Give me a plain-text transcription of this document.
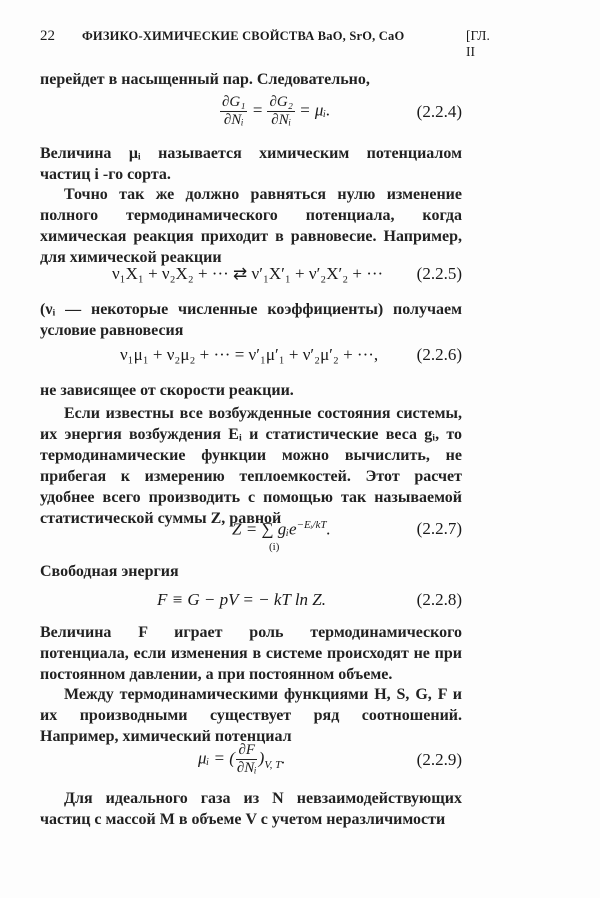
22 ФИЗИКО-ХИМИЧЕСКИЕ СВОЙСТВА BaO, SrO, CaO	[ГЛ. II
перейдет в насыщенный пар. Следовательно,
$\frac{\text{∂G₁}}{\text{∂Nᵢ}} = \frac{\text{∂G₂}}{\text{∂Nᵢ}}$ = μᵢ.	(2.2.4)
Величина μᵢ называется химическим потенциалом частиц i -го сорта.
Точно так же должно равняться нулю изменение полного термодинамического потенциала, когда химическая реакция приходит в равновесие. Например, для химической реакции
ν₁X₁ + ν₂X₂ + ··· ⇄ ν′₁X′₁ + ν′₂X′₂ + ··· (2.2.5)
(νᵢ — некоторые численные коэффициенты) получаем условие равновесия
ν₁μ₁ + ν₂μ₂ + ··· = ν′₁μ′₁ + ν′₂μ′₂ + ···, (2.2.6)
не зависящее от скорости реакции.
Если известны все возбужденные состояния системы, их энергия возбуждения Eᵢ и статистические веса gᵢ, то термодинамические функции можно вычислить, не прибегая к измерению теплоемкостей. Этот расчет удобнее всего производить с помощью так называемой статистической суммы Z, равной
Z = ∑ gᵢe$^{-Eᵢ/kT}$.
(i)
(2.2.7)
Свободная энергия
F ≡ G − pV = − kT ln Z.	(2.2.8)
Величина F играет роль термодинамического потенциала, если изменения в системе происходят не при постоянном давлении, а при постоянном объеме.
Между термодинамическими функциями H, S, G, F и их производными существует ряд соотношений. Например, химический потенциал
μᵢ = ( $\frac{\partial F}{\text{∂Nᵢ}} )_{V, T}$.	(2.2.9)
Для идеального газа из N невзаимодействующих частиц с массой M в объеме V с учетом неразличимости
